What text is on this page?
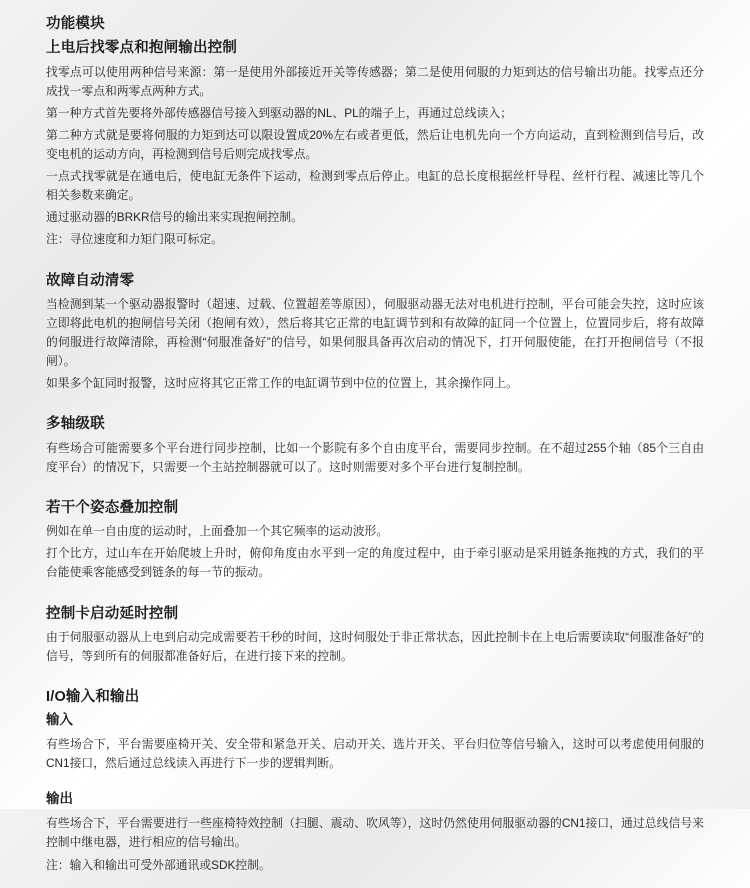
功能模块
上电后找零点和抱闸输出控制

找零点可以使用两种信号来源：第一是使用外部接近开关等传感器；第二是使用伺服的力矩到达的信号输出功能。找零点还分成找一零点和两零点两种方式。

第一种方式首先要将外部传感器信号接入到驱动器的NL、PL的端子上，再通过总线读入；

第二种方式就是要将伺服的力矩到达可以限设置成20%左右或者更低，然后让电机先向一个方向运动，直到检测到信号后，改变电机的运动方向，再检测到信号后则完成找零点。

一点式找零就是在通电后，使电缸无条件下运动，检测到零点后停止。电缸的总长度根据丝杆导程、丝杆行程、减速比等几个相关参数来确定。

通过驱动器的BRKR信号的输出来实现抱闸控制。

注：寻位速度和力矩门限可标定。

故障自动清零

当检测到某一个驱动器报警时（超速、过载、位置超差等原因），伺服驱动器无法对电机进行控制，平台可能会失控，这时应该立即将此电机的抱闸信号关闭（抱闸有效），然后将其它正常的电缸调节到和有故障的缸同一个位置上，位置同步后，将有故障的伺服进行故障清除，再检测“伺服准备好”的信号，如果伺服具备再次启动的情况下，打开伺服使能，在打开抱闸信号（不报闸）。

如果多个缸同时报警，这时应将其它正常工作的电缸调节到中位的位置上，其余操作同上。

多轴级联

有些场合可能需要多个平台进行同步控制，比如一个影院有多个自由度平台，需要同步控制。在不超过255个轴（85个三自由度平台）的情况下，只需要一个主站控制器就可以了。这时则需要对多个平台进行复制控制。

若干个姿态叠加控制

例如在单一自由度的运动时，上面叠加一个其它频率的运动波形。

打个比方，过山车在开始爬坡上升时，俯仰角度由水平到一定的角度过程中，由于牵引驱动是采用链条拖拽的方式，我们的平台能使乘客能感受到链条的每一节的振动。

控制卡启动延时控制

由于伺服驱动器从上电到启动完成需要若干秒的时间，这时伺服处于非正常状态，因此控制卡在上电后需要读取“伺服准备好”的信号，等到所有的伺服都准备好后，在进行接下来的控制。

I/O输入和输出
输入

有些场合下，平台需要座椅开关、安全带和紧急开关、启动开关、选片开关、平台归位等信号输入，这时可以考虑使用伺服的CN1接口，然后通过总线读入再进行下一步的逻辑判断。

输出

有些场合下，平台需要进行一些座椅特效控制（扫腿、震动、吹风等），这时仍然使用伺服驱动器的CN1接口，通过总线信号来控制中继电器，进行相应的信号输出。

注：输入和输出可受外部通讯或SDK控制。
